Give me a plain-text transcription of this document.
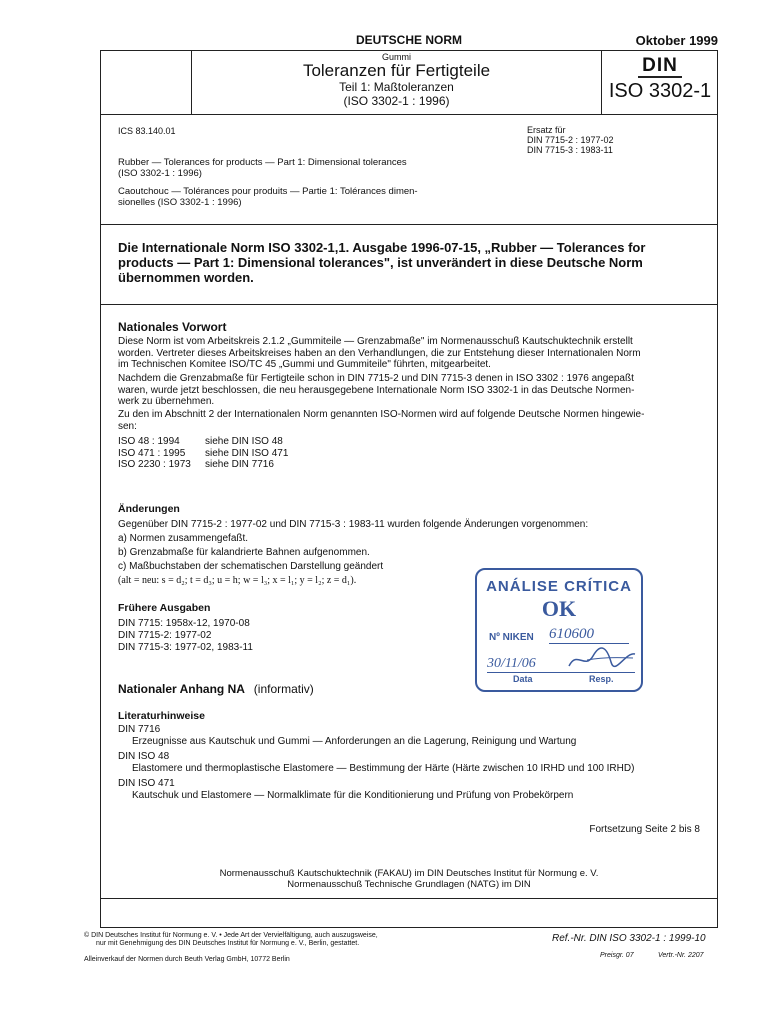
DEUTSCHE NORM	Oktober 1999
Gummi
Toleranzen für Fertigteile
Teil 1: Maßtoleranzen
(ISO 3302-1 : 1996)
DIN
ISO 3302-1
ICS 83.140.01	Ersatz für
DIN 7715-2 : 1977-02
DIN 7715-3 : 1983-11
Rubber — Tolerances for products — Part 1: Dimensional tolerances
(ISO 3302-1 : 1996)
Caoutchouc — Tolérances pour produits — Partie 1: Tolérances dimen-
sionelles (ISO 3302-1 : 1996)
Die Internationale Norm ISO 3302-1,1. Ausgabe 1996-07-15, „Rubber — Tolerances for
products — Part 1: Dimensional tolerances", ist unverändert in diese Deutsche Norm
übernommen worden.
Nationales Vorwort
Diese Norm ist vom Arbeitskreis 2.1.2 „Gummiteile — Grenzabmaße" im Normenausschuß Kautschuktechnik erstellt
worden. Vertreter dieses Arbeitskreises haben an den Verhandlungen, die zur Entstehung dieser Internationalen Norm
im Technischen Komitee ISO/TC 45 „Gummi und Gummiteile" führten, mitgearbeitet.
Nachdem die Grenzabmaße für Fertigteile schon in DIN 7715-2 und DIN 7715-3 denen in ISO 3302 : 1976 angepaßt
waren, wurde jetzt beschlossen, die neu herausgegebene Internationale Norm ISO 3302-1 in das Deutsche Normen-
werk zu übernehmen.
Zu den im Abschnitt 2 der Internationalen Norm genannten ISO-Normen wird auf folgende Deutsche Normen hingewie-
sen:
ISO 48 : 1994	siehe DIN ISO 48
ISO 471 : 1995 siehe DIN ISO 471
ISO 2230 : 1973 siehe DIN 7716
Änderungen
Gegenüber DIN 7715-2 : 1977-02 und DIN 7715-3 : 1983-11 wurden folgende Änderungen vorgenommen:
a) Normen zusammengefaßt.
b) Grenzabmaße für kalandrierte Bahnen aufgenommen.
c) Maßbuchstaben der schematischen Darstellung geändert
(alt = neu: s = d₂; t = d₃; u = h; w = l₃; x = l₁; y = l₂; z = d₁).
Frühere Ausgaben
DIN 7715: 1958x-12, 1970-08
DIN 7715-2: 1977-02
DIN 7715-3: 1977-02, 1983-11
ANÁLISE CRÍTICA
OK
Nº NIKEN 610600
30/11/06
Data	Resp.
Nationaler Anhang NA (informativ)
Literaturhinweise
DIN 7716
Erzeugnisse aus Kautschuk und Gummi — Anforderungen an die Lagerung, Reinigung und Wartung
DIN ISO 48
Elastomere und thermoplastische Elastomere — Bestimmung der Härte (Härte zwischen 10 IRHD und 100 IRHD)
DIN ISO 471
Kautschuk und Elastomere — Normalklimate für die Konditionierung und Prüfung von Probekörpern
Fortsetzung Seite 2 bis 8
Normenausschuß Kautschuktechnik (FAKAU) im DIN Deutsches Institut für Normung e. V.
Normenausschuß Technische Grundlagen (NATG) im DIN
© DIN Deutsches Institut für Normung e. V. • Jede Art der Vervielfältigung, auch auszugsweise,
nur mit Genehmigung des DIN Deutsches Institut für Normung e. V., Berlin, gestattet.
Alleinverkauf der Normen durch Beuth Verlag GmbH, 10772 Berlin
Ref.-Nr. DIN ISO 3302-1 : 1999-10
Preisgr. 07	Vertr.-Nr. 2207
